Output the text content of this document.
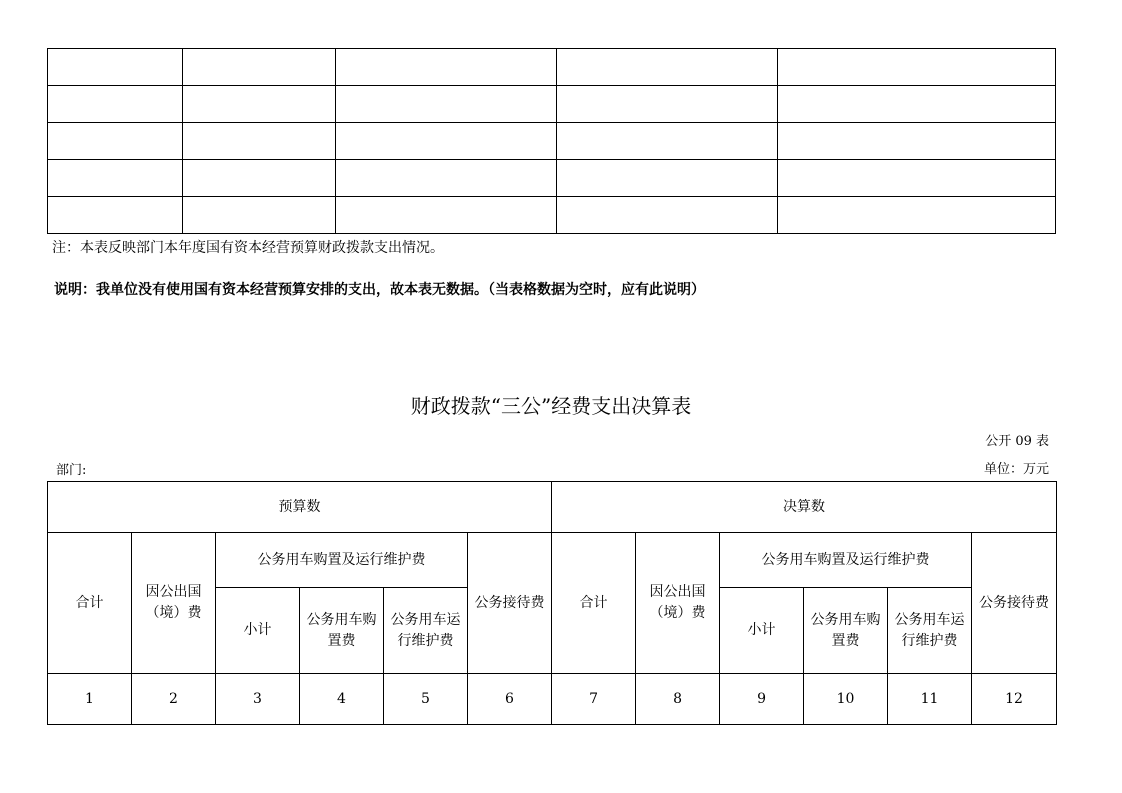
注：本表反映部门本年度国有资本经营预算财政拨款支出情况。
说明：我单位没有使用国有资本经营预算安排的支出，故本表无数据。（当表格数据为空时，应有此说明）
财政拨款“三公”经费支出决算表
公开 09 表
部门:	单位：万元
预算数						决算数					
合计	因公出国（境）费	公务用车购置及运行维护费			公务接待费	合计	因公出国（境）费	公务用车购置及运行维护费			公务接待费
		小计	公务用车购置费	公务用车运行维护费				小计	公务用车购置费	公务用车运行维护费	
1	2	3	4	5	6	7	8	9	10	11	12
